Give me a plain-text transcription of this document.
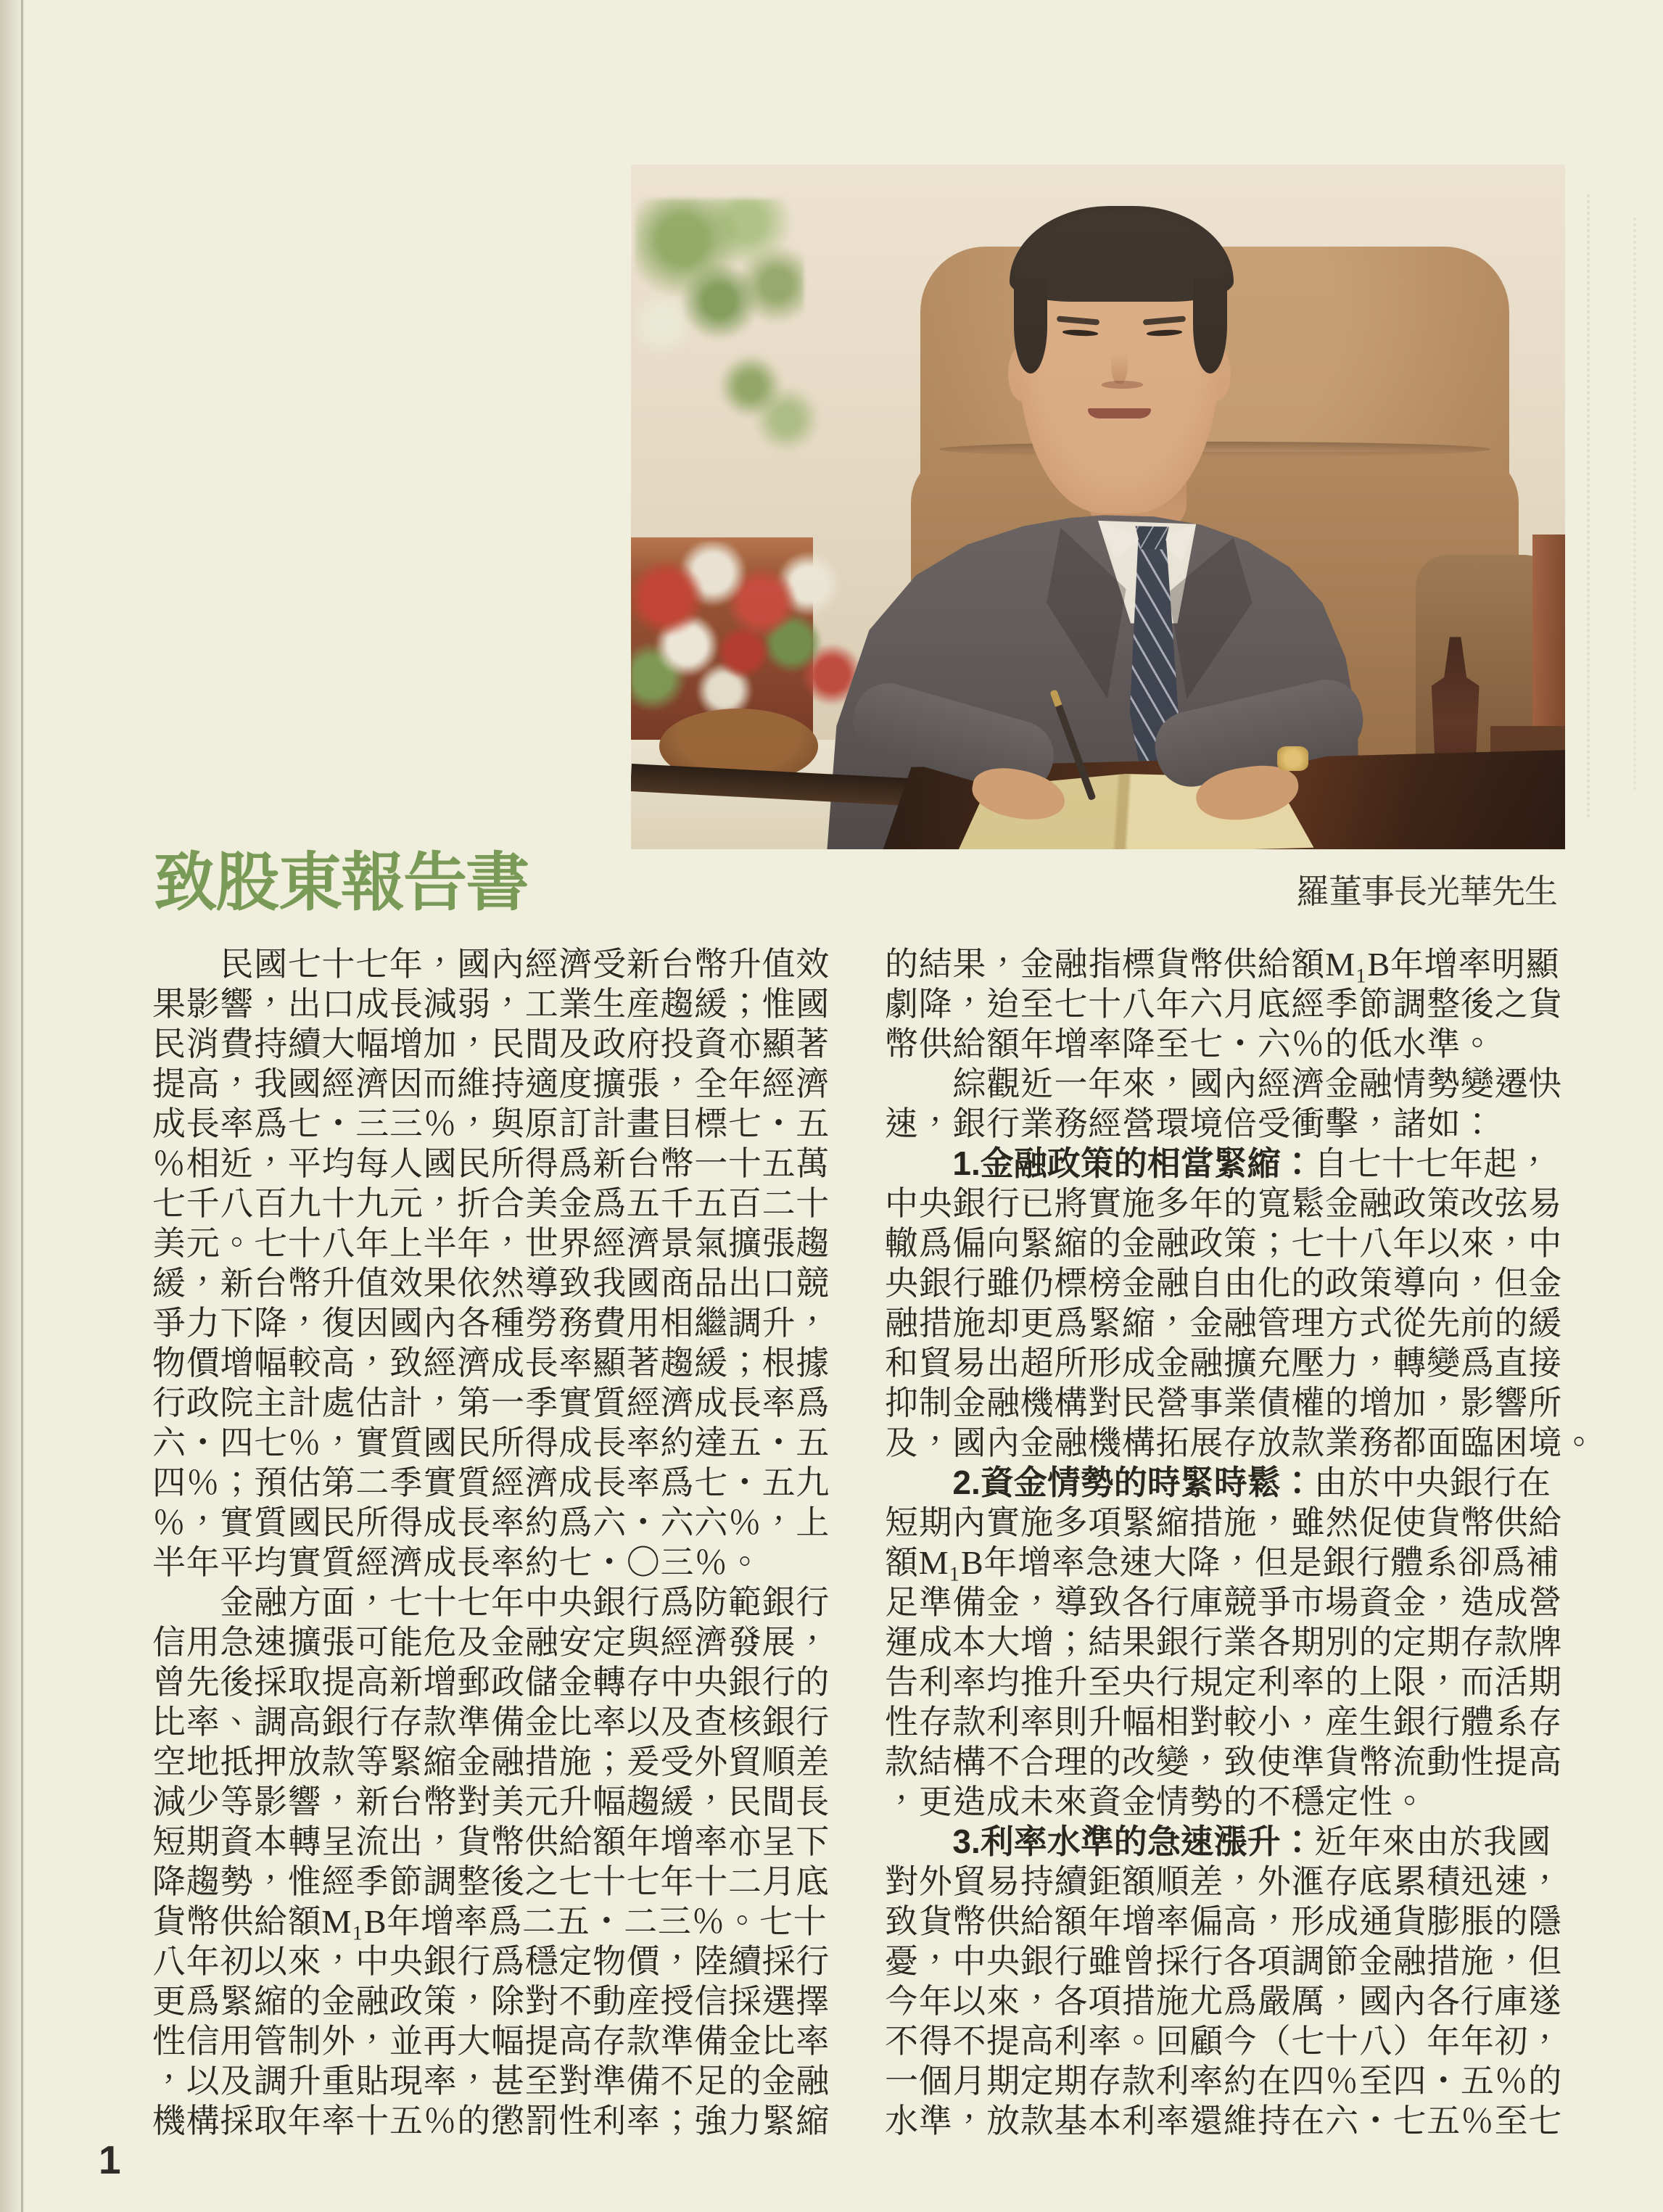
羅董事長光華先生
致股東報告書
　　民國七十七年，國內經濟受新台幣升值效
果影響，出口成長減弱，工業生産趨緩；惟國
民消費持續大幅增加，民間及政府投資亦顯著
提高，我國經濟因而維持適度擴張，全年經濟
成長率爲七・三三％，與原訂計畫目標七・五
％相近，平均每人國民所得爲新台幣一十五萬
七千八百九十九元，折合美金爲五千五百二十
美元。七十八年上半年，世界經濟景氣擴張趨
緩，新台幣升值效果依然導致我國商品出口競
爭力下降，復因國內各種勞務費用相繼調升，
物價增幅較高，致經濟成長率顯著趨緩；根據
行政院主計處估計，第一季實質經濟成長率爲
六・四七％，實質國民所得成長率約達五・五
四％；預估第二季實質經濟成長率爲七・五九
％，實質國民所得成長率約爲六・六六％，上
半年平均實質經濟成長率約七・〇三％。
　　金融方面，七十七年中央銀行爲防範銀行
信用急速擴張可能危及金融安定與經濟發展，
曾先後採取提高新增郵政儲金轉存中央銀行的
比率、調高銀行存款準備金比率以及查核銀行
空地抵押放款等緊縮金融措施；爰受外貿順差
減少等影響，新台幣對美元升幅趨緩，民間長
短期資本轉呈流出，貨幣供給額年增率亦呈下
降趨勢，惟經季節調整後之七十七年十二月底
貨幣供給額M₁B年增率爲二五・二三％。七十
八年初以來，中央銀行爲穩定物價，陸續採行
更爲緊縮的金融政策，除對不動産授信採選擇
性信用管制外，並再大幅提高存款準備金比率
，以及調升重貼現率，甚至對準備不足的金融
機構採取年率十五％的懲罰性利率；強力緊縮
的結果，金融指標貨幣供給額M₁B年增率明顯
劇降，迨至七十八年六月底經季節調整後之貨
幣供給額年增率降至七・六％的低水準。
　　綜觀近一年來，國內經濟金融情勢變遷快
速，銀行業務經營環境倍受衝擊，諸如：
　　1.金融政策的相當緊縮：自七十七年起，
中央銀行已將實施多年的寬鬆金融政策改弦易
轍爲偏向緊縮的金融政策；七十八年以來，中
央銀行雖仍標榜金融自由化的政策導向，但金
融措施却更爲緊縮，金融管理方式從先前的緩
和貿易出超所形成金融擴充壓力，轉變爲直接
抑制金融機構對民營事業債權的增加，影響所
及，國內金融機構拓展存放款業務都面臨困境。
　　2.資金情勢的時緊時鬆：由於中央銀行在
短期內實施多項緊縮措施，雖然促使貨幣供給
額M₁B年增率急速大降，但是銀行體系卻爲補
足準備金，導致各行庫競爭市場資金，造成營
運成本大增；結果銀行業各期別的定期存款牌
告利率均推升至央行規定利率的上限，而活期
性存款利率則升幅相對較小，産生銀行體系存
款結構不合理的改變，致使準貨幣流動性提高
，更造成未來資金情勢的不穩定性。
　　3.利率水準的急速漲升：近年來由於我國
對外貿易持續鉅額順差，外滙存底累積迅速，
致貨幣供給額年增率偏高，形成通貨膨脹的隱
憂，中央銀行雖曾採行各項調節金融措施，但
今年以來，各項措施尤爲嚴厲，國內各行庫遂
不得不提高利率。回顧今（七十八）年年初，
一個月期定期存款利率約在四％至四・五％的
水準，放款基本利率還維持在六・七五％至七
1
